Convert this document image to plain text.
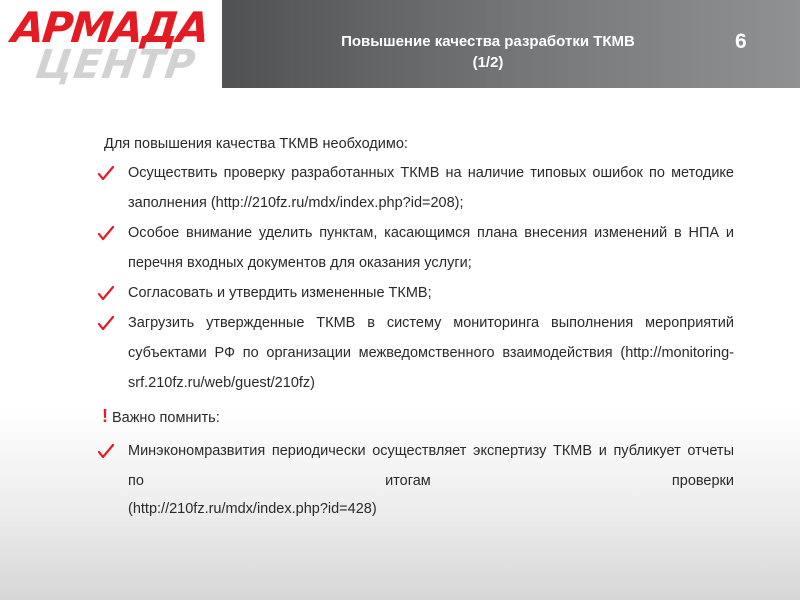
АРМАДА
ЦЕНТР
Повышение качества разработки ТКМВ
(1/2)
6
Для повышения качества ТКМВ необходимо:
Осуществить проверку разработанных ТКМВ на наличие типовых ошибок по методике заполнения (http://210fz.ru/mdx/index.php?id=208);
Особое внимание уделить пунктам, касающимся плана внесения изменений в НПА и перечня входных документов для оказания услуги;
Согласовать и утвердить измененные ТКМВ;
Загрузить утвержденные ТКМВ в систему мониторинга выполнения мероприятий субъектами РФ по организации межведомственного взаимодействия (http://monitoring-srf.210fz.ru/web/guest/210fz)
! Важно помнить:
Минэкономразвития периодически осуществляет экспертизу ТКМВ и публикует отчеты по итогам проверки
(http://210fz.ru/mdx/index.php?id=428)
